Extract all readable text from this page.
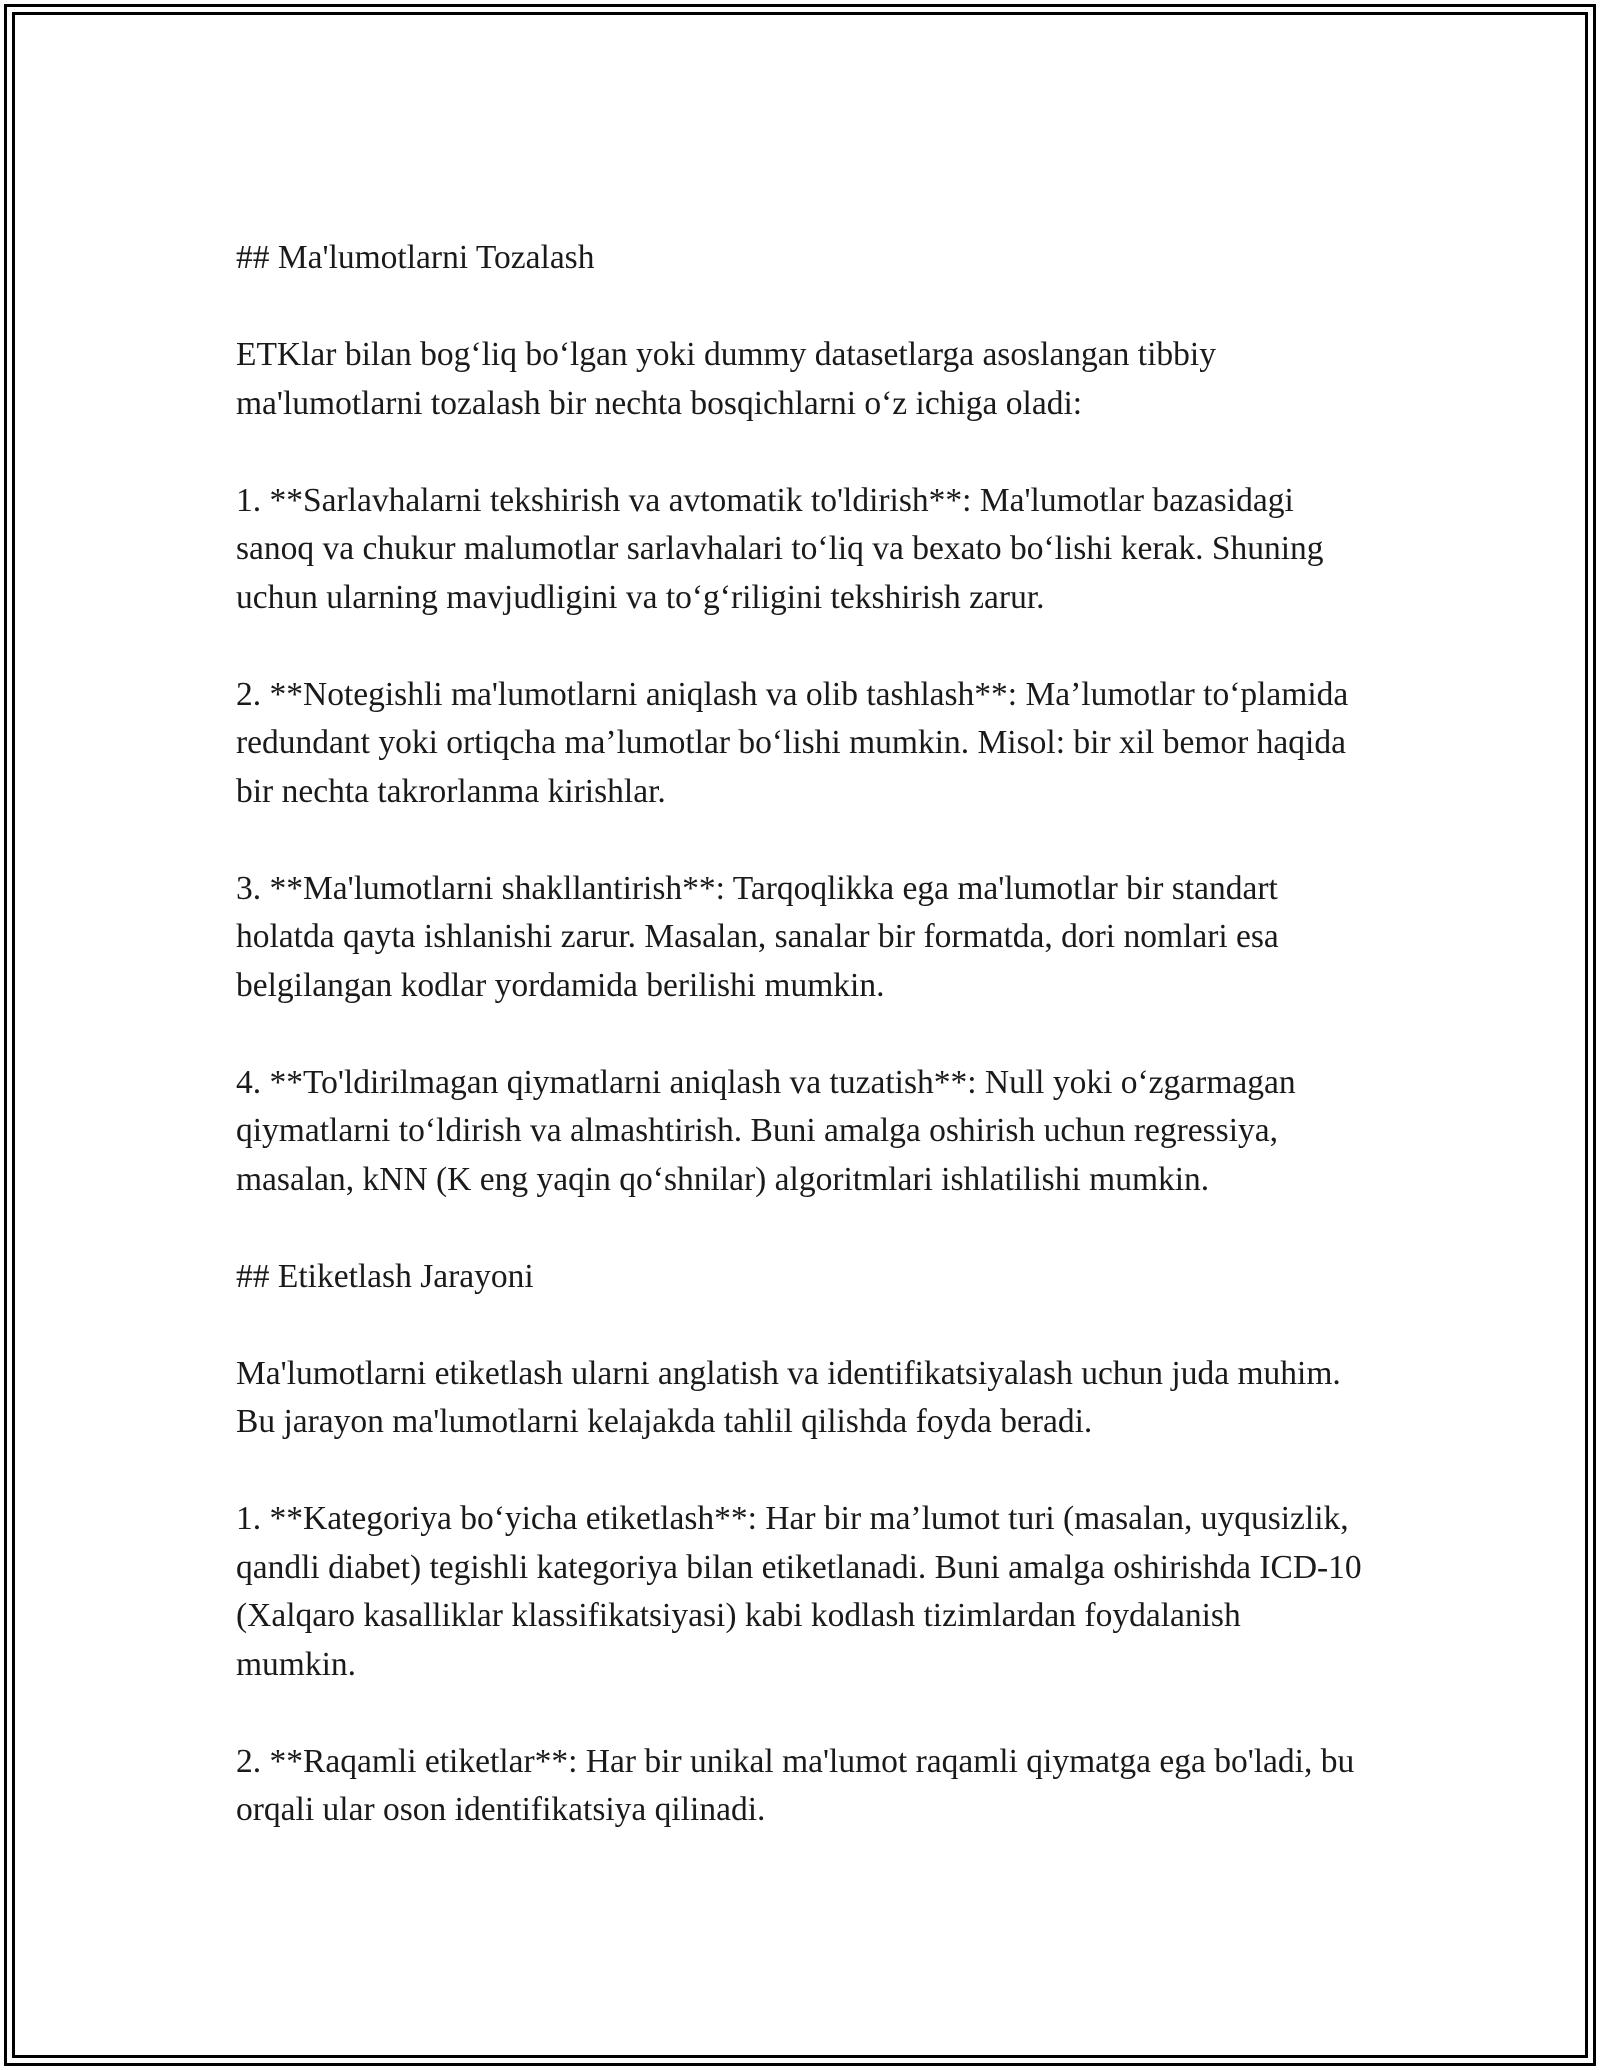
## Ma'lumotlarni Tozalash

ETKlar bilan bog‘liq bo‘lgan yoki dummy datasetlarga asoslangan tibbiy ma'lumotlarni tozalash bir nechta bosqichlarni o‘z ichiga oladi:

1. **Sarlavhalarni tekshirish va avtomatik to'ldirish**: Ma'lumotlar bazasidagi sanoq va chukur malumotlar sarlavhalari to‘liq va bexato bo‘lishi kerak. Shuning uchun ularning mavjudligini va to‘g‘riligini tekshirish zarur.

2. **Notegishli ma'lumotlarni aniqlash va olib tashlash**: Ma’lumotlar to‘plamida redundant yoki ortiqcha ma’lumotlar bo‘lishi mumkin. Misol: bir xil bemor haqida bir nechta takrorlanma kirishlar.

3. **Ma'lumotlarni shakllantirish**: Tarqoqlikka ega ma'lumotlar bir standart holatda qayta ishlanishi zarur. Masalan, sanalar bir formatda, dori nomlari esa belgilangan kodlar yordamida berilishi mumkin.

4. **To'ldirilmagan qiymatlarni aniqlash va tuzatish**: Null yoki o‘zgarmagan qiymatlarni to‘ldirish va almashtirish. Buni amalga oshirish uchun regressiya, masalan, kNN (K eng yaqin qo‘shnilar) algoritmlari ishlatilishi mumkin.

## Etiketlash Jarayoni

Ma'lumotlarni etiketlash ularni anglatish va identifikatsiyalash uchun juda muhim. Bu jarayon ma'lumotlarni kelajakda tahlil qilishda foyda beradi.

1. **Kategoriya bo‘yicha etiketlash**: Har bir ma’lumot turi (masalan, uyqusizlik, qandli diabet) tegishli kategoriya bilan etiketlanadi. Buni amalga oshirishda ICD-10 (Xalqaro kasalliklar klassifikatsiyasi) kabi kodlash tizimlardan foydalanish mumkin.

2. **Raqamli etiketlar**: Har bir unikal ma'lumot raqamli qiymatga ega bo'ladi, bu orqali ular oson identifikatsiya qilinadi.
